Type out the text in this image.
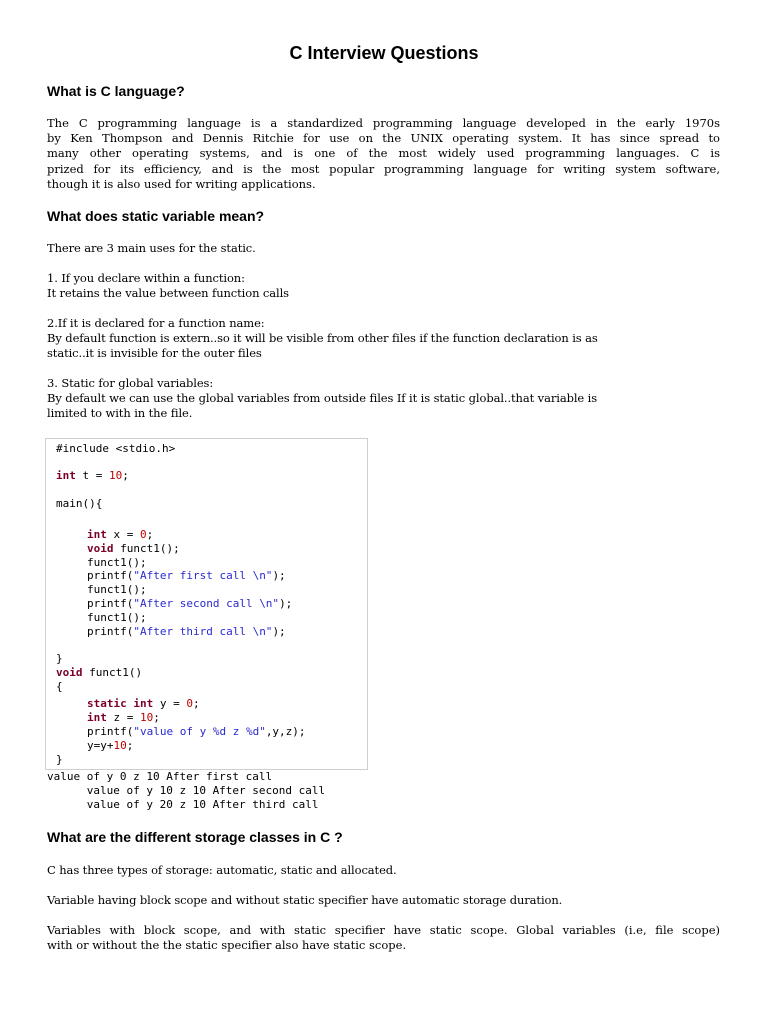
C Interview Questions
What is C language?
The C programming language is a standardized programming language developed in the early 1970s
by Ken Thompson and Dennis Ritchie for use on the UNIX operating system. It has since spread to
many other operating systems, and is one of the most widely used programming languages. C is
prized for its efficiency, and is the most popular programming language for writing system software,
though it is also used for writing applications.
What does static variable mean?

There are 3 main uses for the static.

1. If you declare within a function:

It retains the value between function calls

2.If it is declared for a function name:

By default function is extern..so it will be visible from other files if the function declaration is as

static..it is invisible for the outer files

3. Static for global variables:

By default we can use the global variables from outside files If it is static global..that variable is

limited to with in the file.

#include <stdio.h>
int t = 10;
main(){
int x = 0;
void funct1();
funct1();
printf("After first call \n");
funct1();
printf("After second call \n");
funct1();
printf("After third call \n");
}
void funct1()
{
static int y = 0;
int z = 10;
printf("value of y %d z %d",y,z);
y=y+10;
}
value of y 0 z 10 After first call
value of y 10 z 10 After second call
value of y 20 z 10 After third call
What are the different storage classes in C ?

C has three types of storage: automatic, static and allocated.

Variable having block scope and without static specifier have automatic storage duration.

Variables with block scope, and with static specifier have static scope. Global variables (i.e, file scope)
with or without the the static specifier also have static scope.
